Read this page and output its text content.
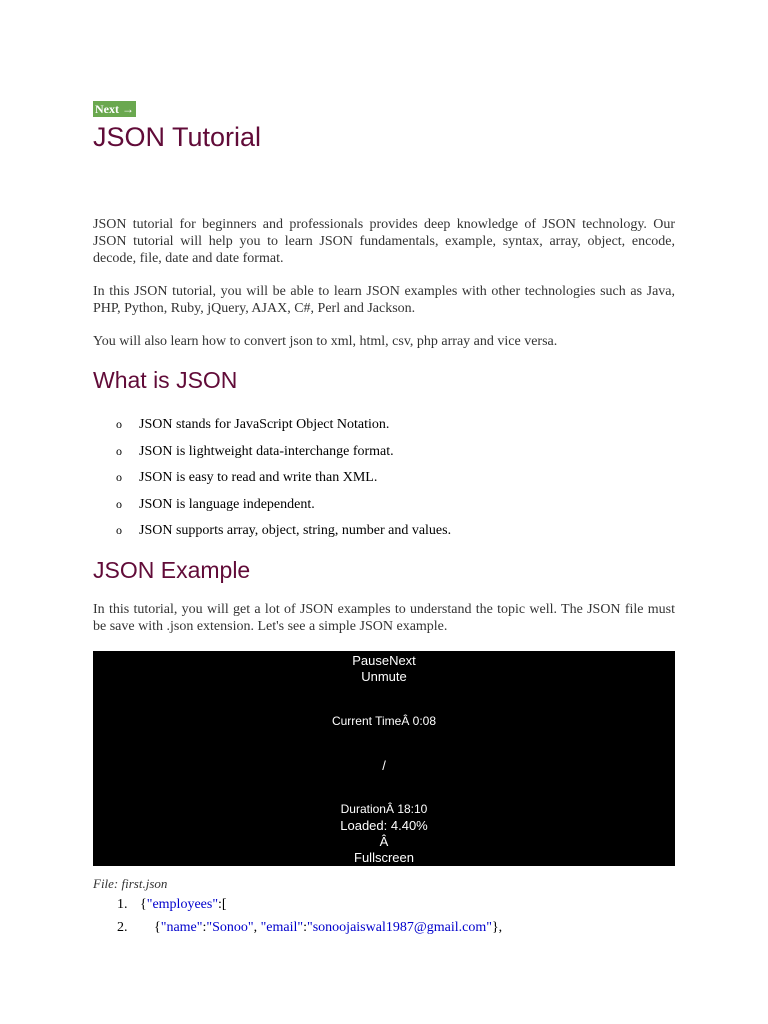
Next →
JSON Tutorial

JSON tutorial for beginners and professionals provides deep knowledge of JSON technology. Our JSON tutorial will help you to learn JSON fundamentals, example, syntax, array, object, encode, decode, file, date and date format.

In this JSON tutorial, you will be able to learn JSON examples with other technologies such as Java, PHP, Python, Ruby, jQuery, AJAX, C#, Perl and Jackson.

You will also learn how to convert json to xml, html, csv, php array and vice versa.

What is JSON
o JSON stands for JavaScript Object Notation.
o JSON is lightweight data-interchange format.
o JSON is easy to read and write than XML.
o JSON is language independent.
o JSON supports array, object, string, number and values.
JSON Example

In this tutorial, you will get a lot of JSON examples to understand the topic well. The JSON file must be save with .json extension. Let's see a simple JSON example.

PauseNext
Unmute
Current TimeÂ 0:08
/
DurationÂ 18:10
Loaded: 4.40%
Â
Fullscreen
File: first.json
1. {"employees":[
2. {"name":"Sonoo", "email":"sonoojaiswal1987@gmail.com"},
